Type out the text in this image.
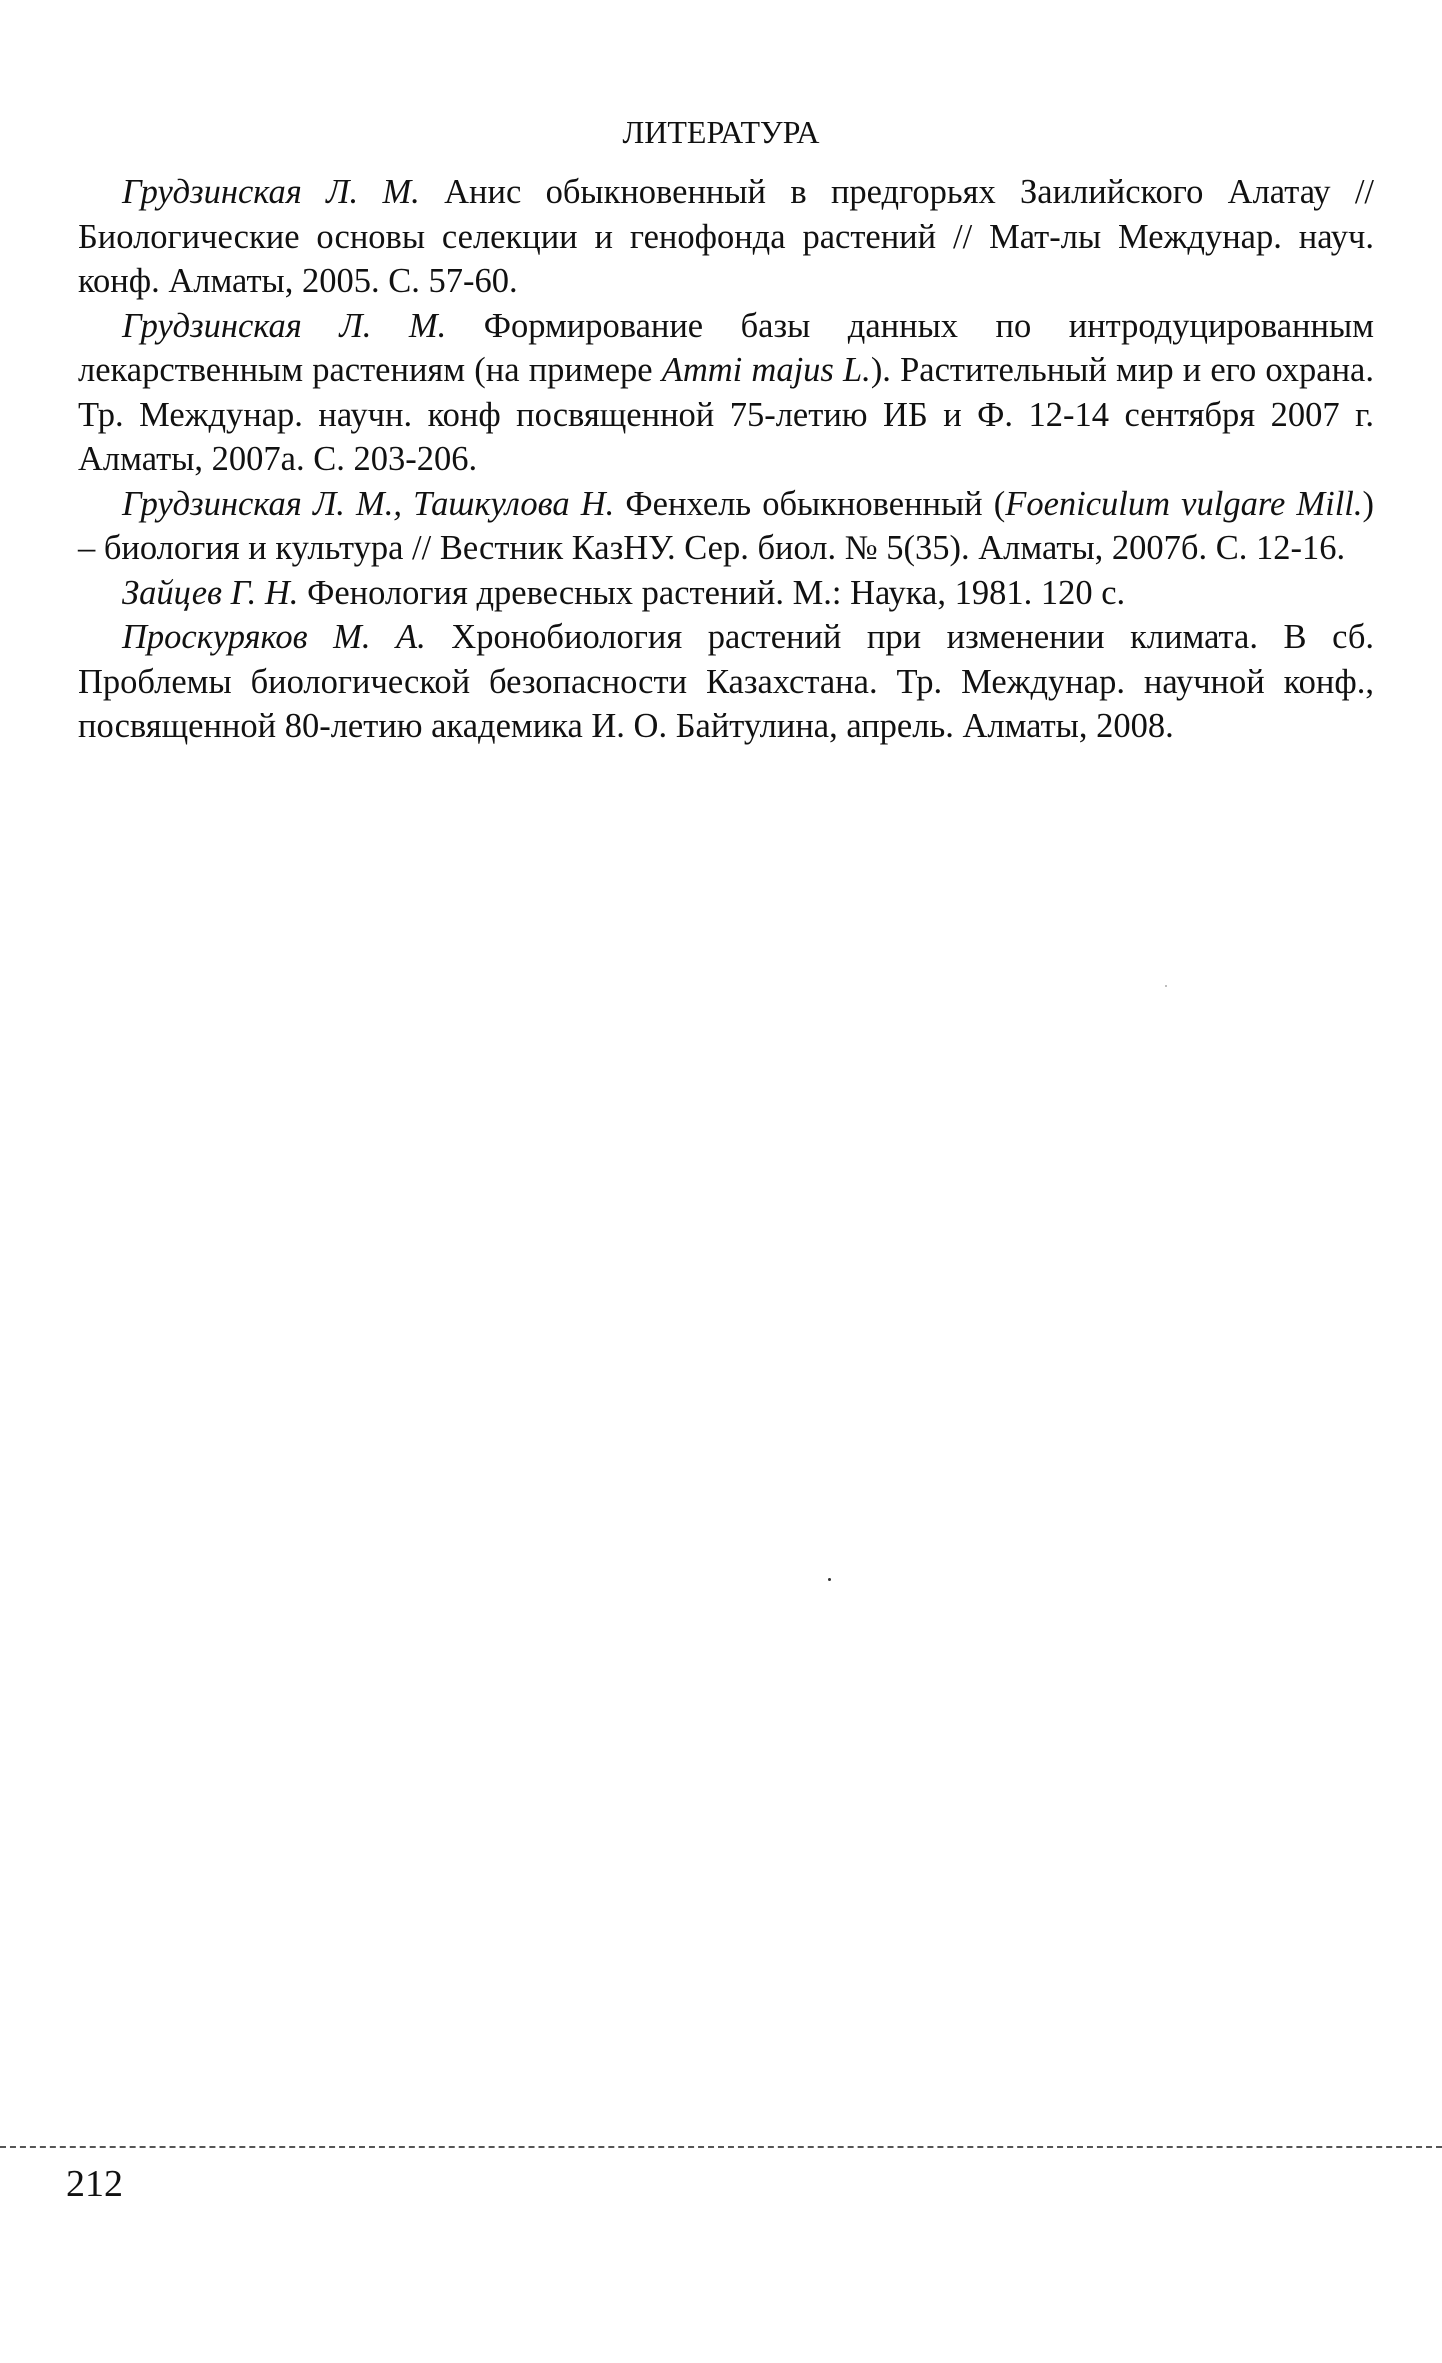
ЛИТЕРАТУРА

Грудзинская Л. М. Анис обыкновенный в предгорьях Заилийского Алатау // Биологические основы селекции и генофонда растений // Мат-лы Междунар. науч. конф. Алматы, 2005. С. 57-60.

Грудзинская Л. М. Формирование базы данных по интродуцированным лекарственным растениям (на примере Ammi majus L.). Растительный мир и его охрана. Тр. Междунар. научн. конф посвященной 75-летию ИБ и Ф. 12-14 сентября 2007 г. Алматы, 2007а. С. 203-206.

Грудзинская Л. М., Ташкулова Н. Фенхель обыкновенный (Foeniculum vulgare Mill.) – биология и культура // Вестник КазНУ. Сер. биол. № 5(35). Алматы, 2007б. С. 12-16.

Зайцев Г. Н. Фенология древесных растений. М.: Наука, 1981. 120 с.

Проскуряков М. А. Хронобиология растений при изменении климата. В сб. Проблемы биологической безопасности Казахстана. Тр. Междунар. научной конф., посвященной 80-летию академика И. О. Байтулина, апрель. Алматы, 2008.

212
